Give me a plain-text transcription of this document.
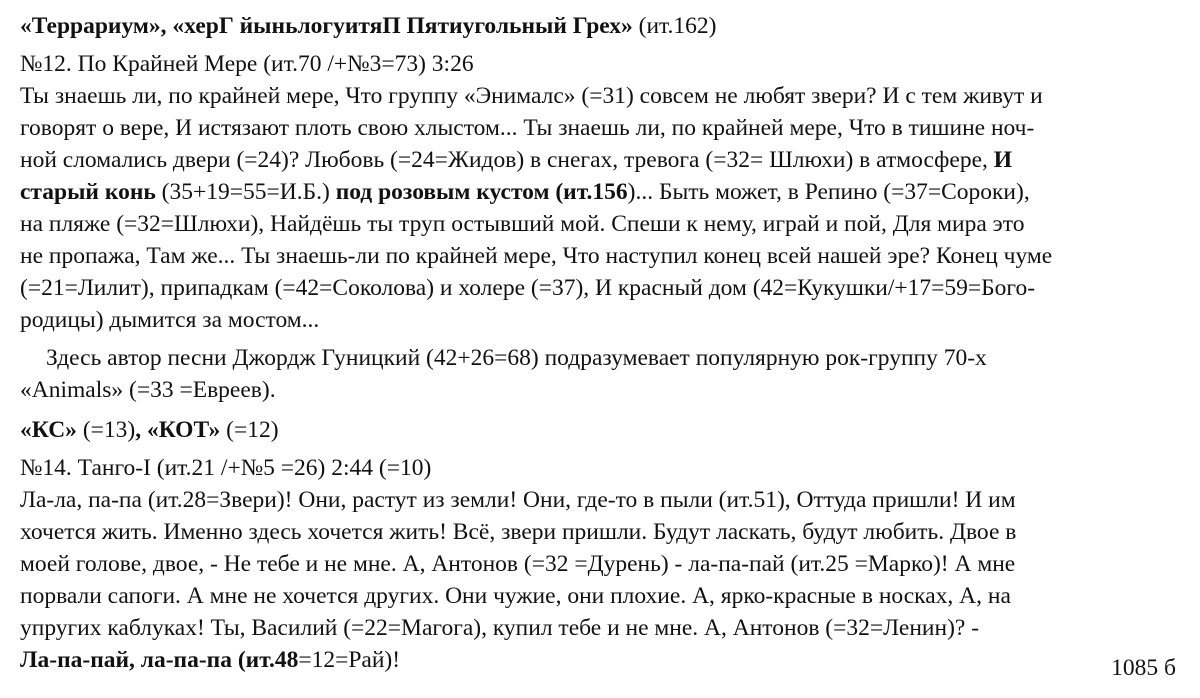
«Террариум», «херГ йыньлогуитяП Пятиугольный Грех» (ит.162)
№12. По Крайней Мере (ит.70 /+№3=73) 3:26
Ты знаешь ли, по крайней мере, Что группу «Энималс» (=31) совсем не любят звери? И с тем живут и
говорят о вере, И истязают плоть свою хлыстом... Ты знаешь ли, по крайней мере, Что в тишине ноч-
ной сломались двери (=24)? Любовь (=24=Жидов) в снегах, тревога (=32= Шлюхи) в атмосфере, И
старый конь (35+19=55=И.Б.) под розовым кустом (ит.156)... Быть может, в Репино (=37=Сороки),
на пляже (=32=Шлюхи), Найдёшь ты труп остывший мой. Спеши к нему, играй и пой, Для мира это
не пропажа, Там же... Ты знаешь-ли по крайней мере, Что наступил конец всей нашей эре? Конец чуме
(=21=Лилит), припадкам (=42=Соколова) и холере (=37), И красный дом (42=Кукушки/+17=59=Бого-
родицы) дымится за мостом...
Здесь автор песни Джордж Гуницкий (42+26=68) подразумевает популярную рок-группу 70-х
«Animals» (=33 =Евреев).
«КС» (=13), «КОТ» (=12)
№14. Танго-I (ит.21 /+№5 =26) 2:44 (=10)
Ла-ла, па-па (ит.28=Звери)! Они, растут из земли! Они, где-то в пыли (ит.51), Оттуда пришли! И им
хочется жить. Именно здесь хочется жить! Всё, звери пришли. Будут ласкать, будут любить. Двое в
моей голове, двое, - Не тебе и не мне. А, Антонов (=32 =Дурень) - ла-па-пай (ит.25 =Марко)! А мне
порвали сапоги. А мне не хочется других. Они чужие, они плохие. А, ярко-красные в носках, А, на
упругих каблуках! Ты, Василий (=22=Магога), купил тебе и не мне. А, Антонов (=32=Ленин)? -
Ла-па-пай, ла-па-па (ит.48=12=Рай)!	1085 б
